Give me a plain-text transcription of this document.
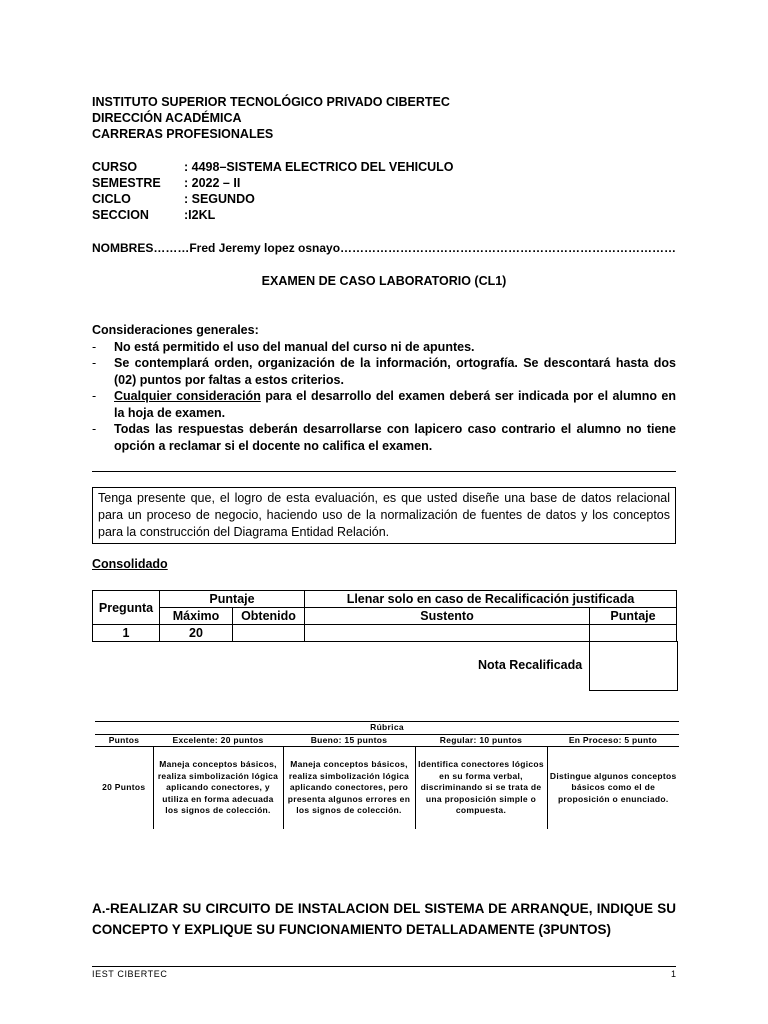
INSTITUTO SUPERIOR TECNOLÓGICO PRIVADO CIBERTEC
DIRECCIÓN ACADÉMICA
CARRERAS PROFESIONALES
CURSO	: 4498–SISTEMA ELECTRICO DEL VEHICULO
SEMESTRE : 2022 – II
CICLO	: SEGUNDO
SECCION	:I2KL
NOMBRES………Fred Jeremy lopez osnayo…………………………………………………………………………
EXAMEN DE CASO LABORATORIO (CL1)
Consideraciones generales:
- No está permitido el uso del manual del curso ni de apuntes.
- Se contemplará orden, organización de la información, ortografía. Se descontará hasta dos (02) puntos por faltas a estos criterios.
- Cualquier consideración para el desarrollo del examen deberá ser indicada por el alumno en la hoja de examen.
- Todas las respuestas deberán desarrollarse con lapicero caso contrario el alumno no tiene opción a reclamar si el docente no califica el examen.
Tenga presente que, el logro de esta evaluación, es que usted diseñe una base de datos relacional para un proceso de negocio, haciendo uso de la normalización de fuentes de datos y los conceptos para la construcción del Diagrama Entidad Relación.
Consolidado
Pregunta	Puntaje		Llenar solo en caso de Recalificación justificada	
	Máximo	Obtenido	Sustento	Puntaje
1	20			
Nota Recalificada
Rúbrica				
Puntos	Excelente: 20 puntos	Bueno: 15 puntos	Regular: 10 puntos	En Proceso: 5 punto
20 Puntos	Maneja conceptos básicos, realiza simbolización lógica aplicando conectores, y utiliza en forma adecuada los signos de colección.	Maneja conceptos básicos, realiza simbolización lógica aplicando conectores, pero presenta algunos errores en los signos de colección.	Identifica conectores lógicos en su forma verbal, discriminando si se trata de una proposición simple o compuesta.	Distingue algunos conceptos básicos como el de proposición o enunciado.
A.-REALIZAR SU CIRCUITO DE INSTALACION DEL SISTEMA DE ARRANQUE, INDIQUE SU CONCEPTO Y EXPLIQUE SU FUNCIONAMIENTO DETALLADAMENTE (3PUNTOS)
IEST CIBERTEC	1
